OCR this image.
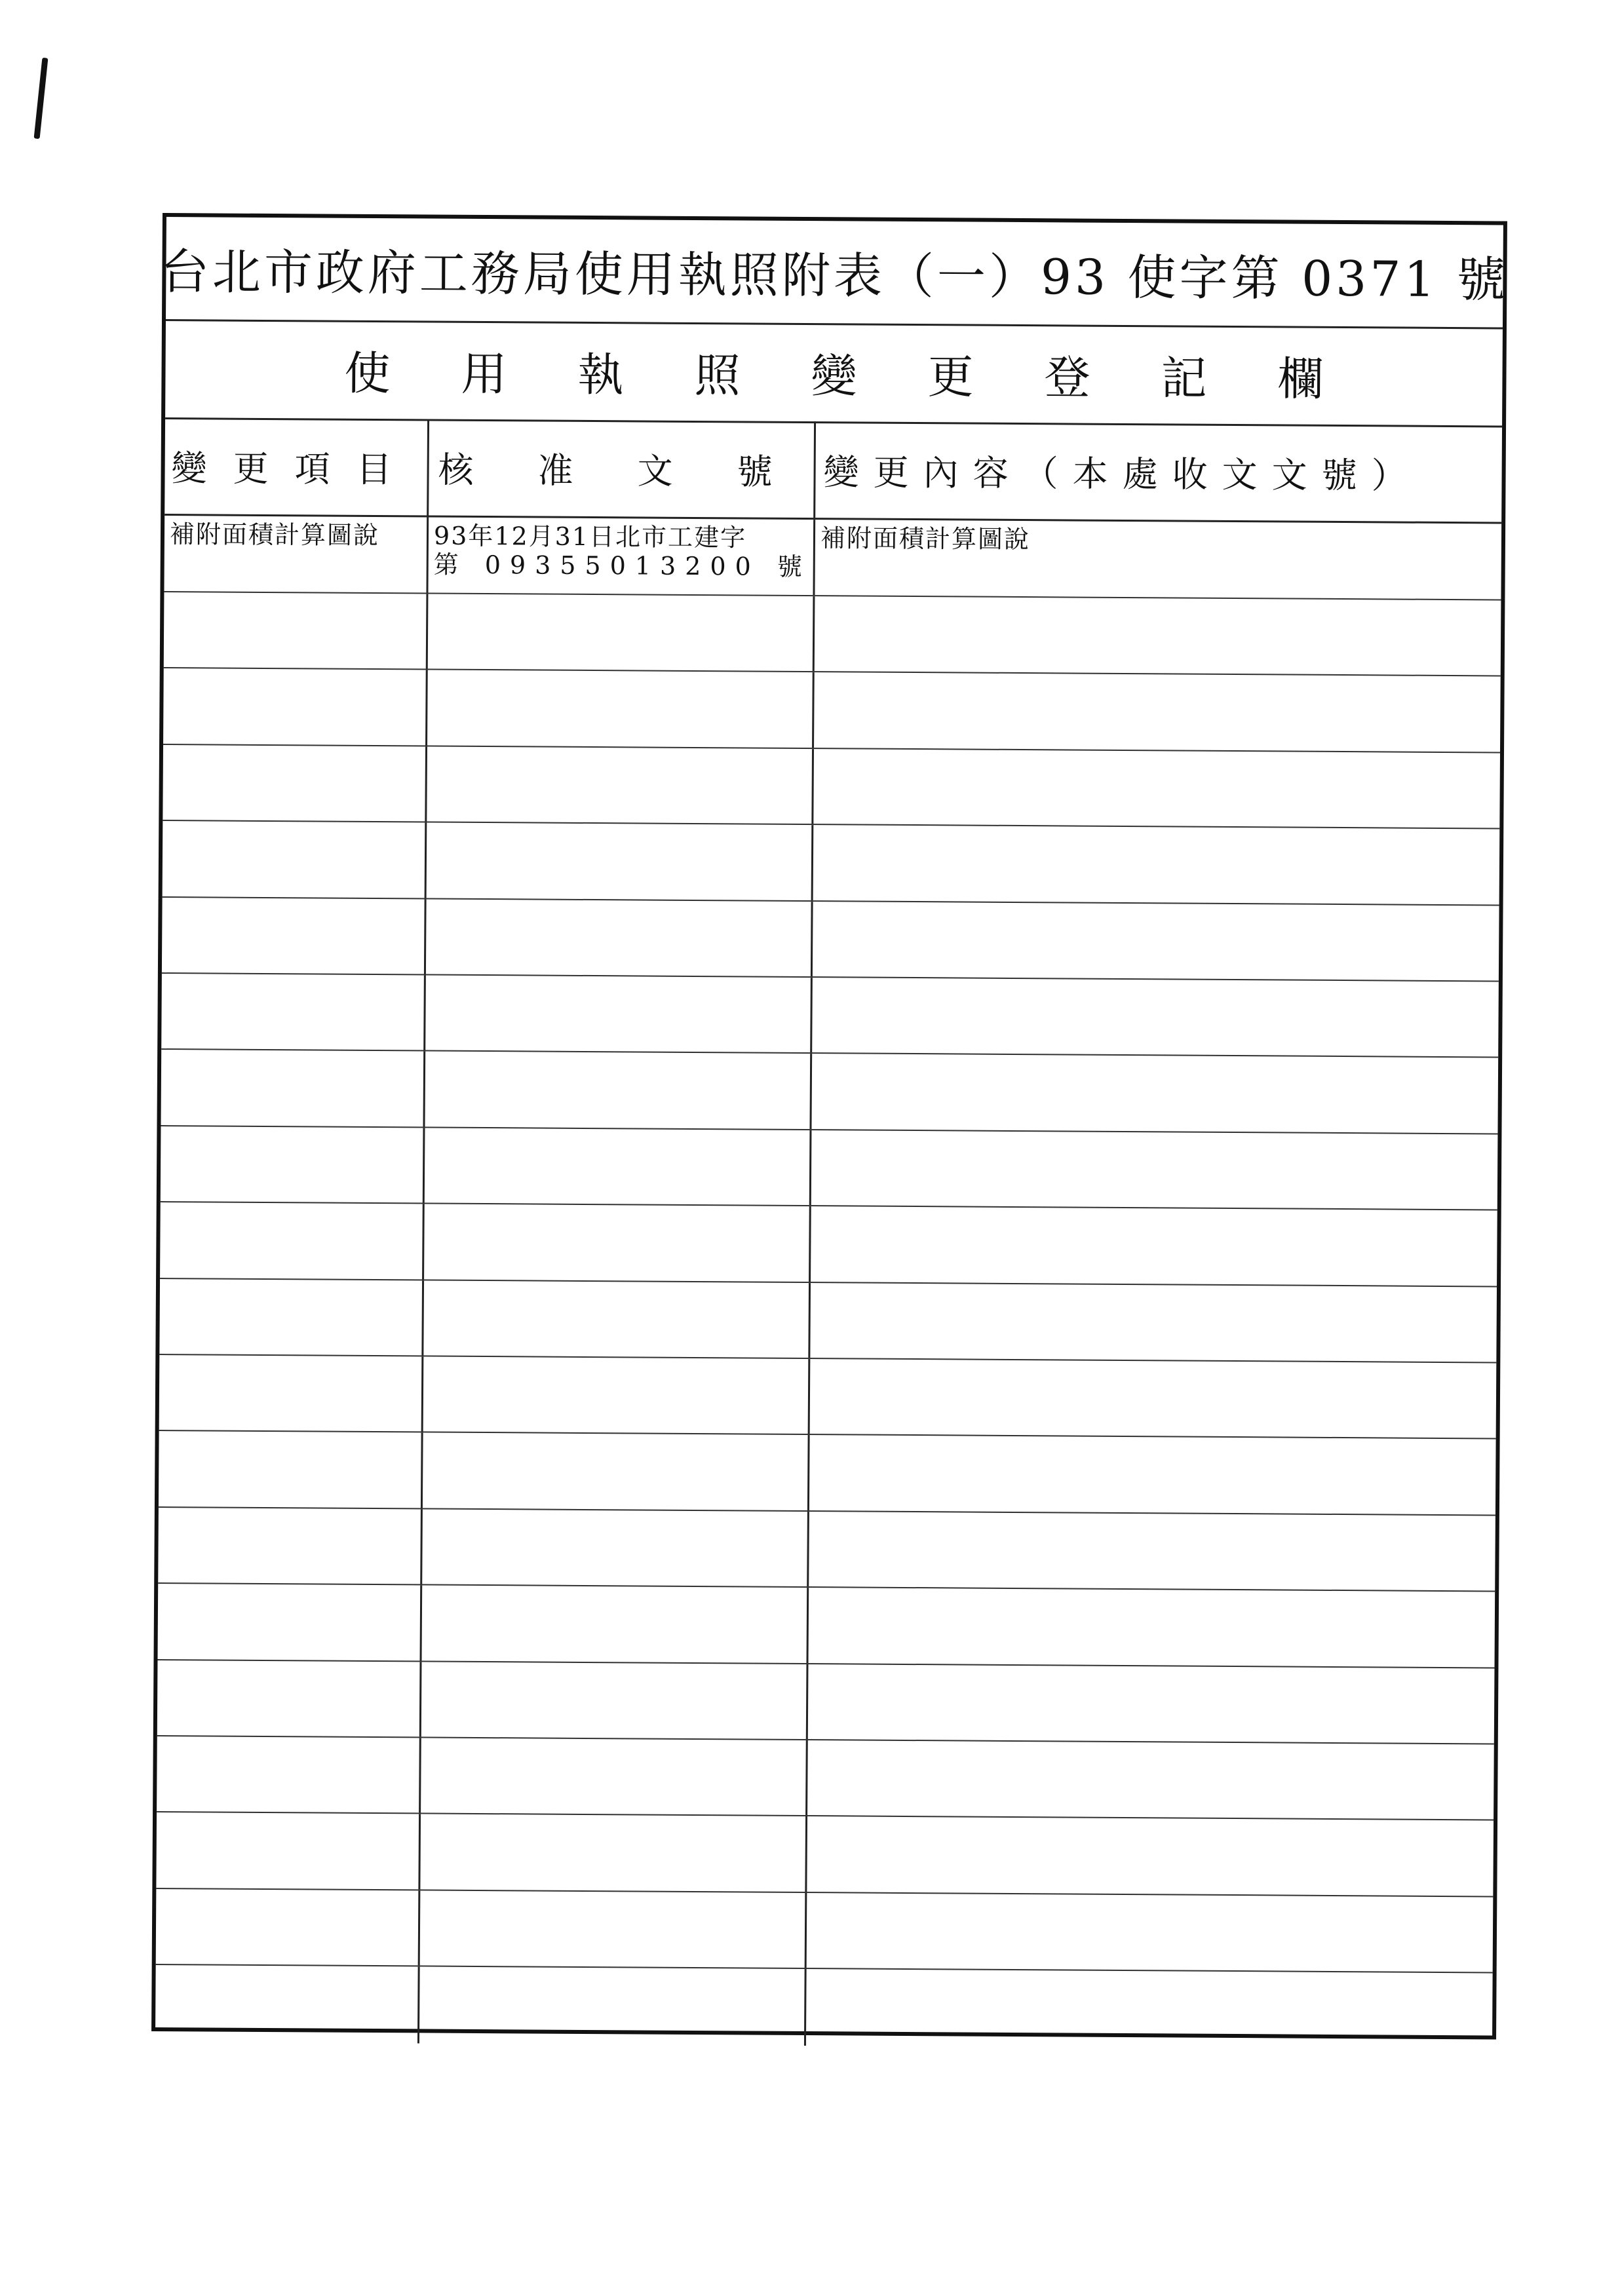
台北市政府工務局使用執照附表（一）93 使字第 0371 號
使用執照變更登記欄
變更項目 核准文號
變更內容（本處收文文號）
補附面積計算圖說	93年12月31日北市工建字
第 09355013200 號
補附面積計算圖說
